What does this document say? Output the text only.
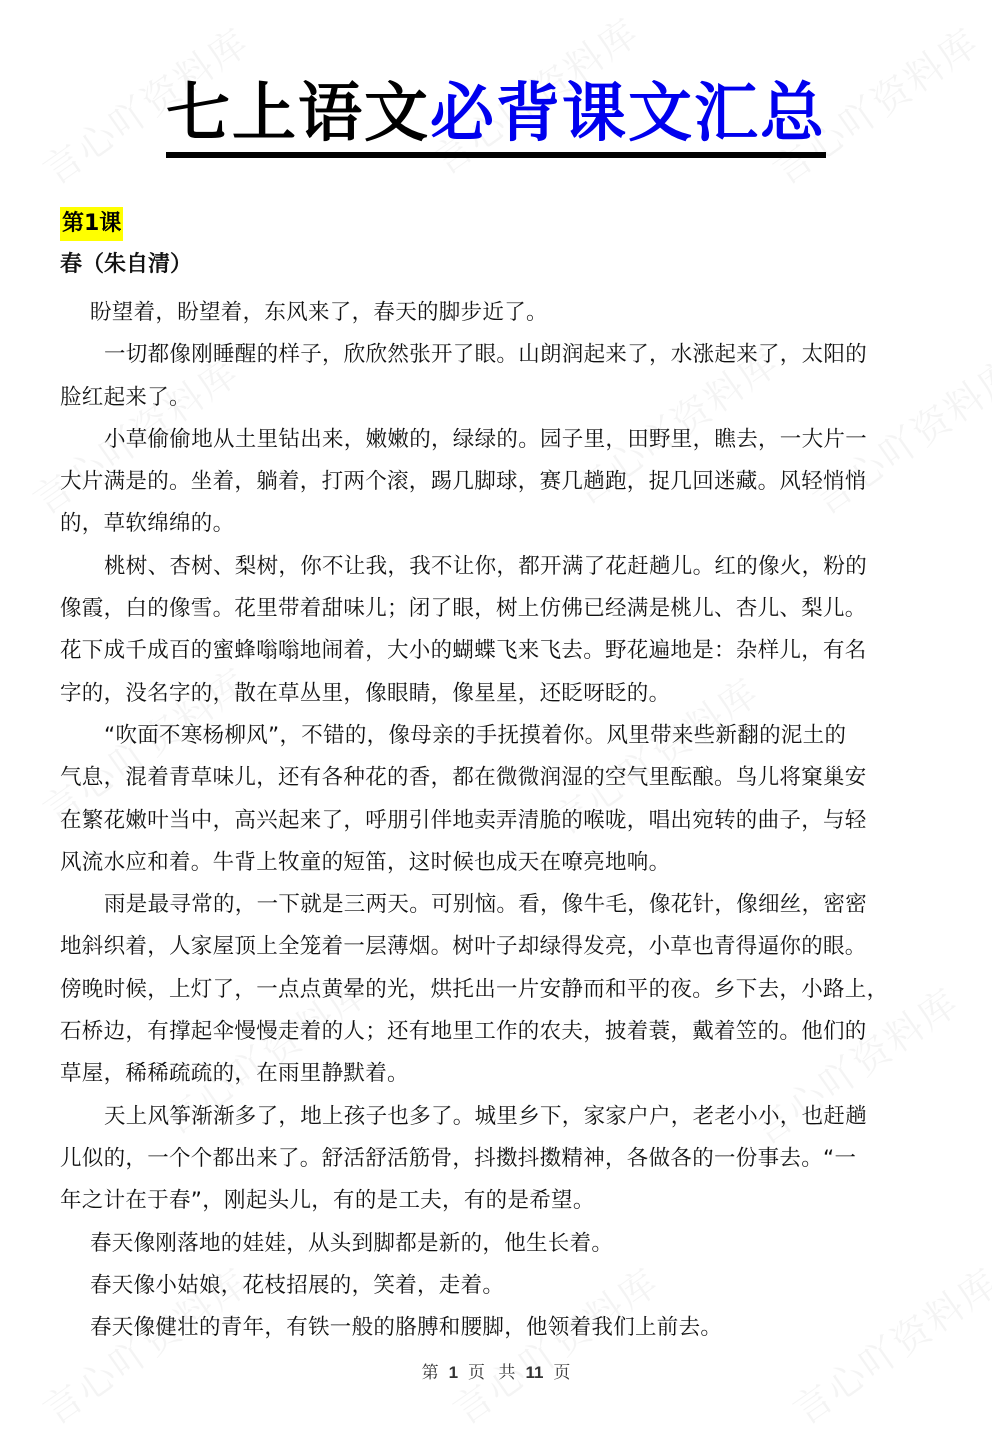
七上语文必背课文汇总
第1课
春（朱自清）
盼望着，盼望着，东风来了，春天的脚步近了。
一切都像刚睡醒的样子，欣欣然张开了眼。山朗润起来了，水涨起来了，太阳的
脸红起来了。
小草偷偷地从土里钻出来，嫩嫩的，绿绿的。园子里，田野里，瞧去，一大片一
大片满是的。坐着，躺着，打两个滚，踢几脚球，赛几趟跑，捉几回迷藏。风轻悄悄
的，草软绵绵的。
桃树、杏树、梨树，你不让我，我不让你，都开满了花赶趟儿。红的像火，粉的
像霞，白的像雪。花里带着甜味儿；闭了眼，树上仿佛已经满是桃儿、杏儿、梨儿。
花下成千成百的蜜蜂嗡嗡地闹着，大小的蝴蝶飞来飞去。野花遍地是：杂样儿，有名
字的，没名字的，散在草丛里，像眼睛，像星星，还眨呀眨的。
“吹面不寒杨柳风”，不错的，像母亲的手抚摸着你。风里带来些新翻的泥土的
气息，混着青草味儿，还有各种花的香，都在微微润湿的空气里酝酿。鸟儿将窠巢安
在繁花嫩叶当中，高兴起来了，呼朋引伴地卖弄清脆的喉咙，唱出宛转的曲子，与轻
风流水应和着。牛背上牧童的短笛，这时候也成天在嘹亮地响。
雨是最寻常的，一下就是三两天。可别恼。看，像牛毛，像花针，像细丝，密密
地斜织着，人家屋顶上全笼着一层薄烟。树叶子却绿得发亮，小草也青得逼你的眼。
傍晚时候，上灯了，一点点黄晕的光，烘托出一片安静而和平的夜。乡下去，小路上，
石桥边，有撑起伞慢慢走着的人；还有地里工作的农夫，披着蓑，戴着笠的。他们的
草屋，稀稀疏疏的，在雨里静默着。
天上风筝渐渐多了，地上孩子也多了。城里乡下，家家户户，老老小小，也赶趟
儿似的，一个个都出来了。舒活舒活筋骨，抖擞抖擞精神，各做各的一份事去。“一
年之计在于春”，刚起头儿，有的是工夫，有的是希望。
春天像刚落地的娃娃，从头到脚都是新的，他生长着。
春天像小姑娘，花枝招展的，笑着，走着。
春天像健壮的青年，有铁一般的胳膊和腰脚，他领着我们上前去。
第 1 页 共 11 页
